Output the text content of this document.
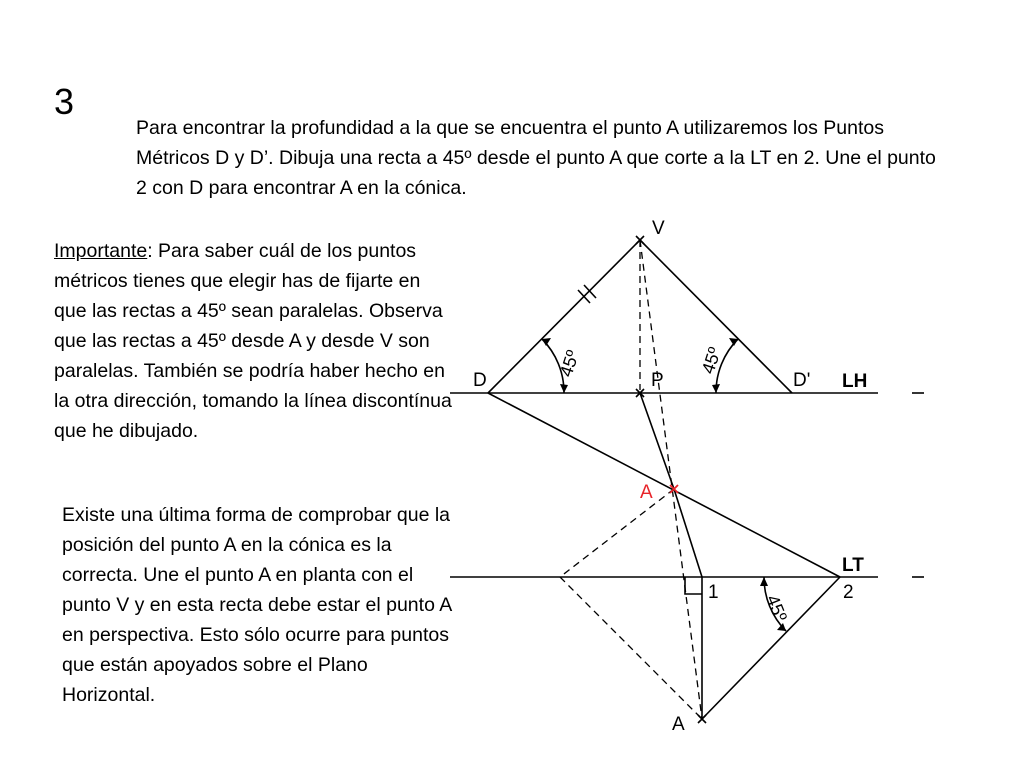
3
Para encontrar la profundidad a la que se encuentra el punto A utilizaremos los Puntos Métricos D y D’. Dibuja una recta a 45º desde el punto A que corte a la LT en 2. Une el punto 2 con D para encontrar A en la cónica.
Importante: Para saber cuál de los puntos métricos tienes que elegir has de fijarte en que las rectas a 45º sean paralelas. Observa que las rectas a 45º desde A y desde V son paralelas. También se podría haber hecho en la otra dirección, tomando la línea discontínua que he dibujado.
Existe una última forma de comprobar que la posición del punto A en la cónica es la correcta. Une el punto A en planta con el punto V y en esta recta debe estar el punto A en perspectiva. Esto sólo ocurre para puntos que están apoyados sobre el Plano Horizontal.
V
D	P	D' LH
A
LT
1	2
A
45º	45º
45º
